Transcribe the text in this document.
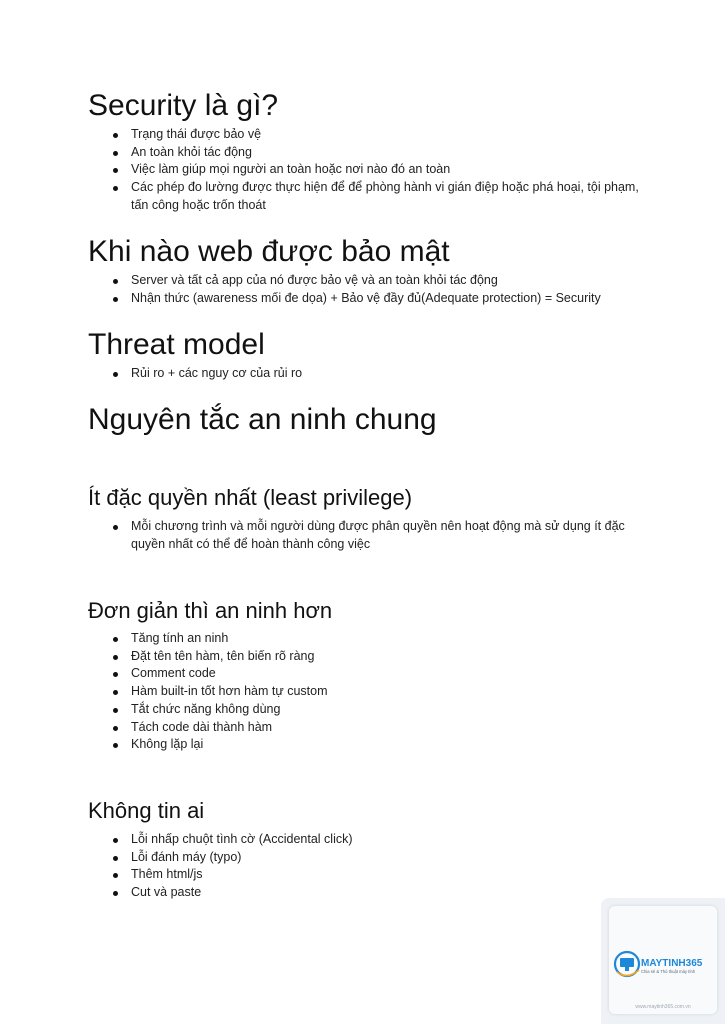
Security là gì?
Trạng thái được bảo vệ
An toàn khỏi tác động
Việc làm giúp mọi người an toàn hoặc nơi nào đó an toàn
Các phép đo lường được thực hiện để để phòng hành vi gián điệp hoặc phá hoại, tội phạm, tấn công hoặc trốn thoát
Khi nào web được bảo mật
Server và tất cả app của nó được bảo vệ và an toàn khỏi tác động
Nhận thức (awareness mối đe dọa) + Bảo vệ đầy đủ(Adequate protection) = Security
Threat model
Rủi ro + các nguy cơ của rủi ro
Nguyên tắc an ninh chung
Ít đặc quyền nhất (least privilege)
Mỗi chương trình và mỗi người dùng được phân quyền nên hoạt động mà sử dụng ít đặc quyền nhất có thể để hoàn thành công việc
Đơn giản thì an ninh hơn
Tăng tính an ninh
Đặt tên tên hàm, tên biến rõ ràng
Comment code
Hàm built-in tốt hơn hàm tự custom
Tắt chức năng không dùng
Tách code dài thành hàm
Không lặp lại
Không tin ai
Lỗi nhấp chuột tình cờ (Accidental click)
Lỗi đánh máy (typo)
Thêm html/js
Cut và paste
MAYTINH365
Chia sẻ & Thủ thuật máy tính
www.maytinh365.com.vn
